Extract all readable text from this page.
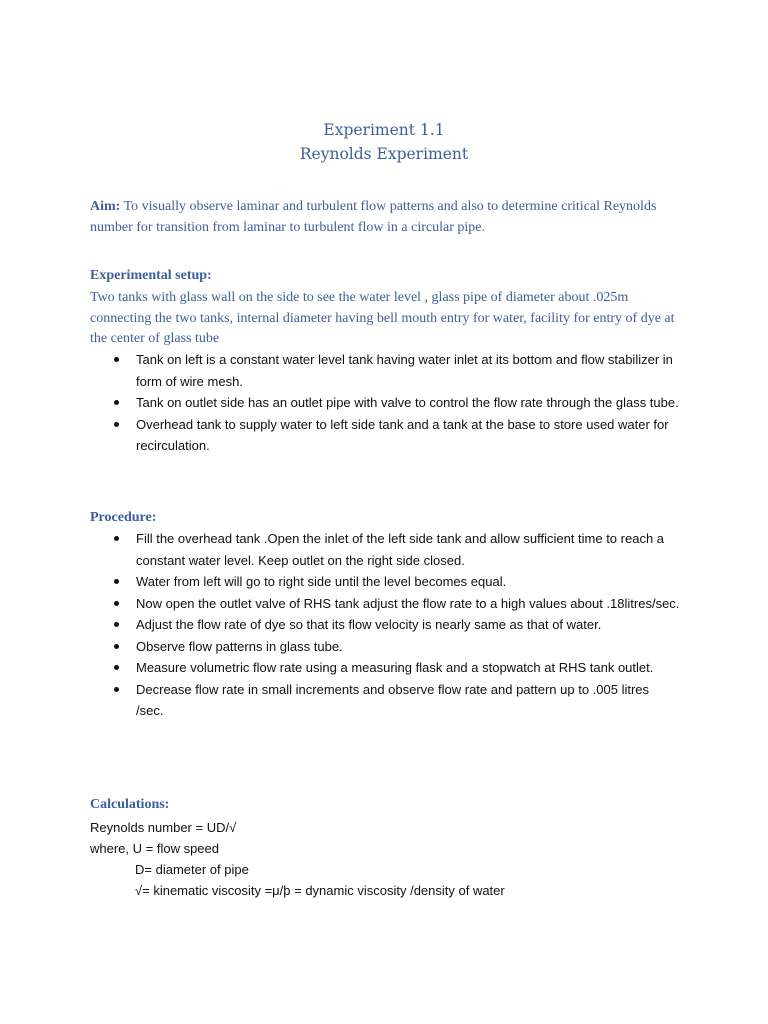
Experiment 1.1
Reynolds Experiment
Aim: To visually observe laminar and turbulent flow patterns and also to determine critical Reynolds number for transition from laminar to turbulent flow in a circular pipe.
Experimental setup:
Two tanks with glass wall on the side to see the water level , glass pipe of diameter about .025m connecting the two tanks, internal diameter having bell mouth entry for water, facility for entry of dye at the center of glass tube
Tank on left is a constant water level tank having water inlet at its bottom and flow stabilizer in form of wire mesh.
Tank on outlet side has an outlet pipe with valve to control the flow rate through the glass tube.
Overhead tank to supply water to left side tank and a tank at the base to store used water for recirculation.
Procedure:
Fill the overhead tank .Open the inlet of the left side tank and allow sufficient time to reach a constant water level. Keep outlet on the right side closed.
Water from left will go to right side until the level becomes equal.
Now open the outlet valve of RHS tank adjust the flow rate to a high values about .18litres/sec.
Adjust the flow rate of dye so that its flow velocity is nearly same as that of water.
Observe flow patterns in glass tube.
Measure volumetric flow rate using a measuring flask and a stopwatch at RHS tank outlet.
Decrease flow rate in small increments and observe flow rate and pattern up to .005 litres /sec.
Calculations:
Reynolds number = UD/√
where, U = flow speed
D= diameter of pipe
√= kinematic viscosity =μ/þ = dynamic viscosity /density of water
